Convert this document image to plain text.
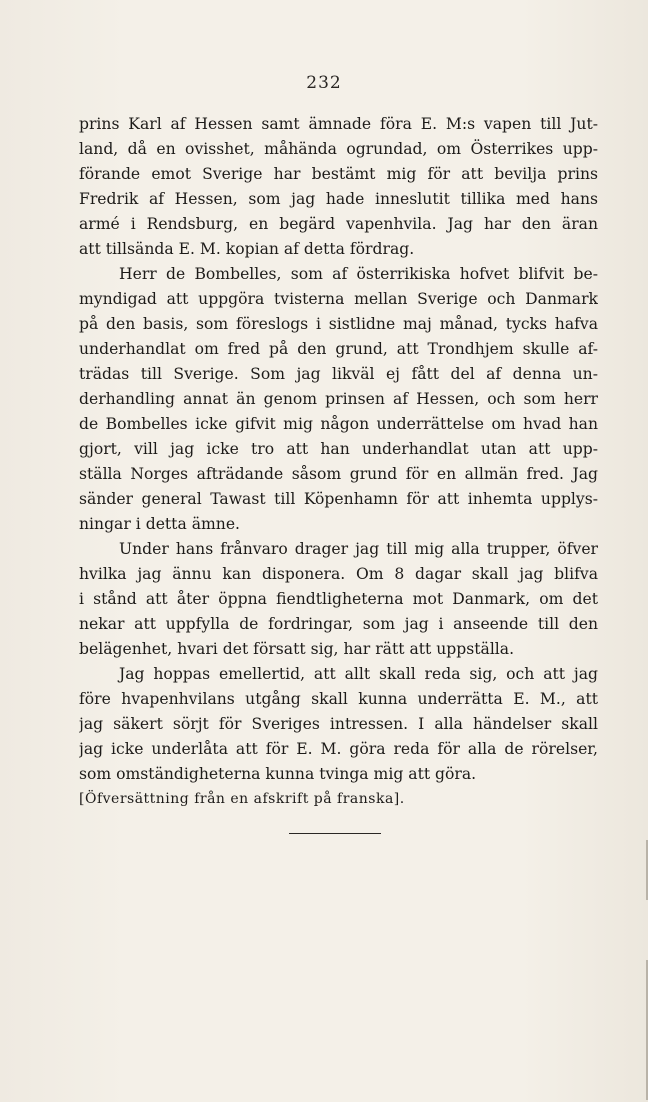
232
prins Karl af Hessen samt ämnade föra E. M:s vapen till Jut-
land, då en ovisshet, måhända ogrundad, om Österrikes upp-
förande emot Sverige har bestämt mig för att bevilja prins
Fredrik af Hessen, som jag hade inneslutit tillika med hans
armé i Rendsburg, en begärd vapenhvila. Jag har den äran
att tillsända E. M. kopian af detta fördrag.
Herr de Bombelles, som af österrikiska hofvet blifvit be-
myndigad att uppgöra tvisterna mellan Sverige och Danmark
på den basis, som föreslogs i sistlidne maj månad, tycks hafva
underhandlat om fred på den grund, att Trondhjem skulle af-
trädas till Sverige. Som jag likväl ej fått del af denna un-
derhandling annat än genom prinsen af Hessen, och som herr
de Bombelles icke gifvit mig någon underrättelse om hvad han
gjort, vill jag icke tro att han underhandlat utan att upp-
ställa Norges afträdande såsom grund för en allmän fred. Jag
sänder general Tawast till Köpenhamn för att inhemta upplys-
ningar i detta ämne.
Under hans frånvaro drager jag till mig alla trupper, öfver
hvilka jag ännu kan disponera. Om 8 dagar skall jag blifva
i stånd att åter öppna fiendtligheterna mot Danmark, om det
nekar att uppfylla de fordringar, som jag i anseende till den
belägenhet, hvari det försatt sig, har rätt att uppställa.
Jag hoppas emellertid, att allt skall reda sig, och att jag
före hvapenhvilans utgång skall kunna underrätta E. M., att
jag säkert sörjt för Sveriges intressen. I alla händelser skall
jag icke underlåta att för E. M. göra reda för alla de rörelser,
som omständigheterna kunna tvinga mig att göra.
[Öfversättning från en afskrift på franska].
